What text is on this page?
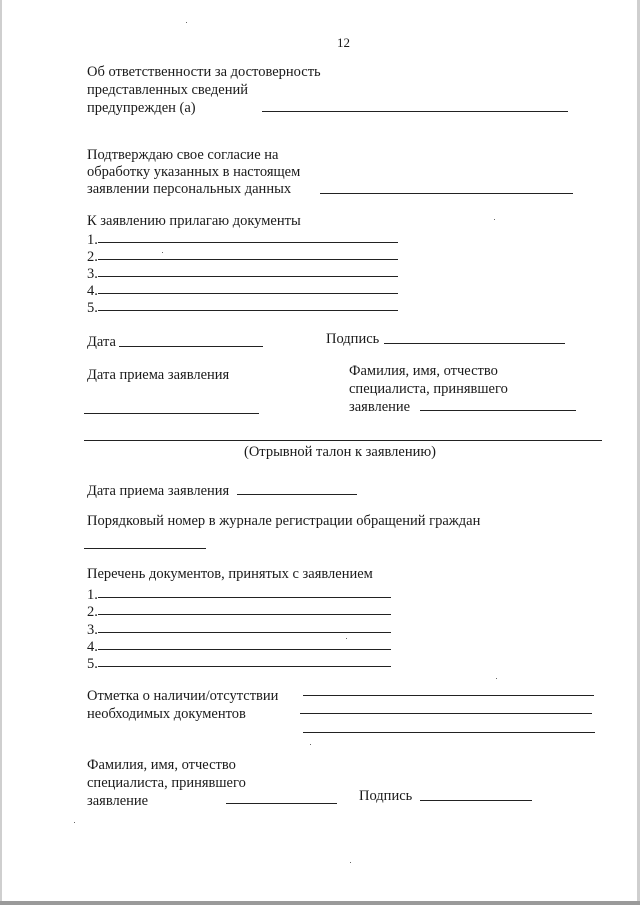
12
Об ответственности за достоверность
представленных сведений
предупрежден (а)
Подтверждаю свое согласие на
обработку указанных в настоящем
заявлении персональных данных
К заявлению прилагаю документы
1.
2.
3.
4.
5.
Дата	Подпись
Дата приема заявления	Фамилия, имя, отчество
специалиста, принявшего
заявление
(Отрывной талон к заявлению)
Дата приема заявления
Порядковый номер в журнале регистрации обращений граждан
Перечень документов, принятых с заявлением
1.
2.
3.
4.
5.
Отметка о наличии/отсутствии
необходимых документов
Фамилия, имя, отчество
специалиста, принявшего
заявление	Подпись
